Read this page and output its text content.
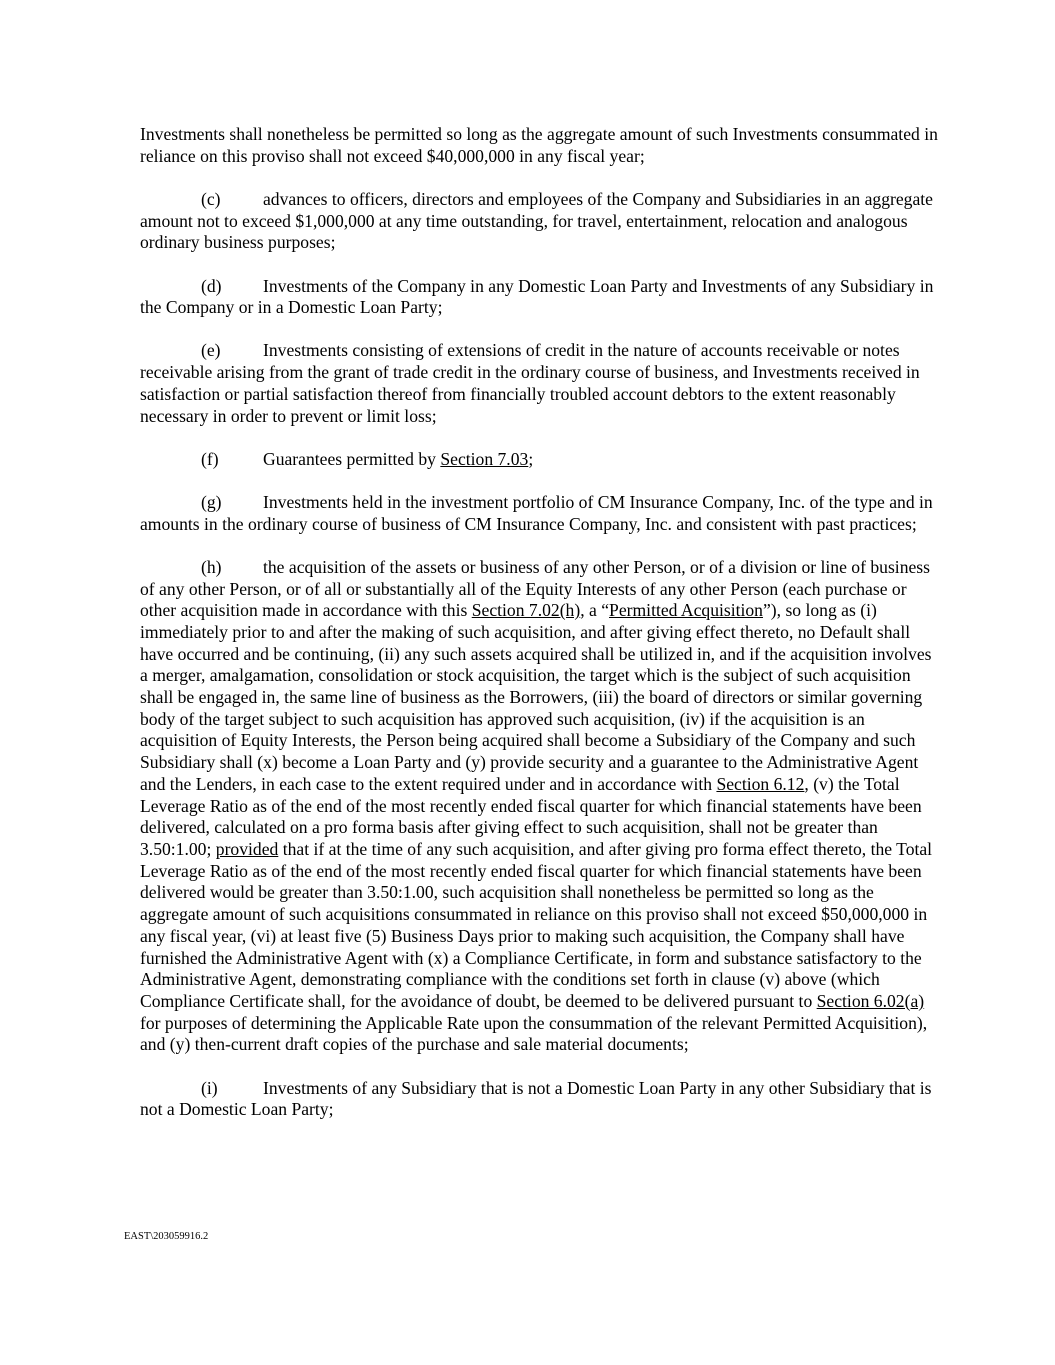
Investments shall nonetheless be permitted so long as the aggregate amount of such Investments consummated in reliance on this proviso shall not exceed $40,000,000 in any fiscal year;

(c) advances to officers, directors and employees of the Company and Subsidiaries in an aggregate amount not to exceed $1,000,000 at any time outstanding, for travel, entertainment, relocation and analogous ordinary business purposes;

(d) Investments of the Company in any Domestic Loan Party and Investments of any Subsidiary in the Company or in a Domestic Loan Party;

(e) Investments consisting of extensions of credit in the nature of accounts receivable or notes receivable arising from the grant of trade credit in the ordinary course of business, and Investments received in satisfaction or partial satisfaction thereof from financially troubled account debtors to the extent reasonably necessary in order to prevent or limit loss;

(f)	Guarantees permitted by Section 7.03;

(g) Investments held in the investment portfolio of CM Insurance Company, Inc. of the type and in amounts in the ordinary course of business of CM Insurance Company, Inc. and consistent with past practices;

(h) the acquisition of the assets or business of any other Person, or of a division or line of business of any other Person, or of all or substantially all of the Equity Interests of any other Person (each purchase or other acquisition made in accordance with this Section 7.02(h), a “Permitted Acquisition”), so long as (i) immediately prior to and after the making of such acquisition, and after giving effect thereto, no Default shall have occurred and be continuing, (ii) any such assets acquired shall be utilized in, and if the acquisition involves a merger, amalgamation, consolidation or stock acquisition, the target which is the subject of such acquisition shall be engaged in, the same line of business as the Borrowers, (iii) the board of directors or similar governing body of the target subject to such acquisition has approved such acquisition, (iv) if the acquisition is an acquisition of Equity Interests, the Person being acquired shall become a Subsidiary of the Company and such Subsidiary shall (x) become a Loan Party and (y) provide security and a guarantee to the Administrative Agent and the Lenders, in each case to the extent required under and in accordance with Section 6.12, (v) the Total Leverage Ratio as of the end of the most recently ended fiscal quarter for which financial statements have been delivered, calculated on a pro forma basis after giving effect to such acquisition, shall not be greater than 3.50:1.00; provided that if at the time of any such acquisition, and after giving pro forma effect thereto, the Total Leverage Ratio as of the end of the most recently ended fiscal quarter for which financial statements have been delivered would be greater than 3.50:1.00, such acquisition shall nonetheless be permitted so long as the aggregate amount of such acquisitions consummated in reliance on this proviso shall not exceed $50,000,000 in any fiscal year, (vi) at least five (5) Business Days prior to making such acquisition, the Company shall have furnished the Administrative Agent with (x) a Compliance Certificate, in form and substance satisfactory to the Administrative Agent, demonstrating compliance with the conditions set forth in clause (v) above (which Compliance Certificate shall, for the avoidance of doubt, be deemed to be delivered pursuant to Section 6.02(a) for purposes of determining the Applicable Rate upon the consummation of the relevant Permitted Acquisition), and (y) then-current draft copies of the purchase and sale material documents;

(i)	Investments of any Subsidiary that is not a Domestic Loan Party in any other Subsidiary that is not a Domestic Loan Party;

EAST\203059916.2
